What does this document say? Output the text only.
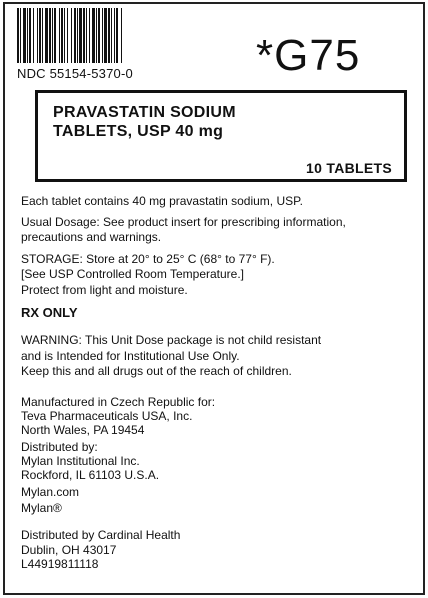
NDC 55154-5370-0	*G75
PRAVASTATIN SODIUM
TABLETS, USP 40 mg
10 TABLETS
Each tablet contains 40 mg pravastatin sodium, USP.
Usual Dosage: See product insert for prescribing information,
precautions and warnings.
STORAGE: Store at 20° to 25° C (68° to 77° F).
[See USP Controlled Room Temperature.]
Protect from light and moisture.
RX ONLY
WARNING: This Unit Dose package is not child resistant
and is Intended for Institutional Use Only.
Keep this and all drugs out of the reach of children.
Manufactured in Czech Republic for:
Teva Pharmaceuticals USA, Inc.
North Wales, PA 19454
Distributed by:
Mylan Institutional Inc.
Rockford, IL 61103 U.S.A.
Mylan.com
Mylan®
Distributed by Cardinal Health
Dublin, OH 43017
L44919811118
